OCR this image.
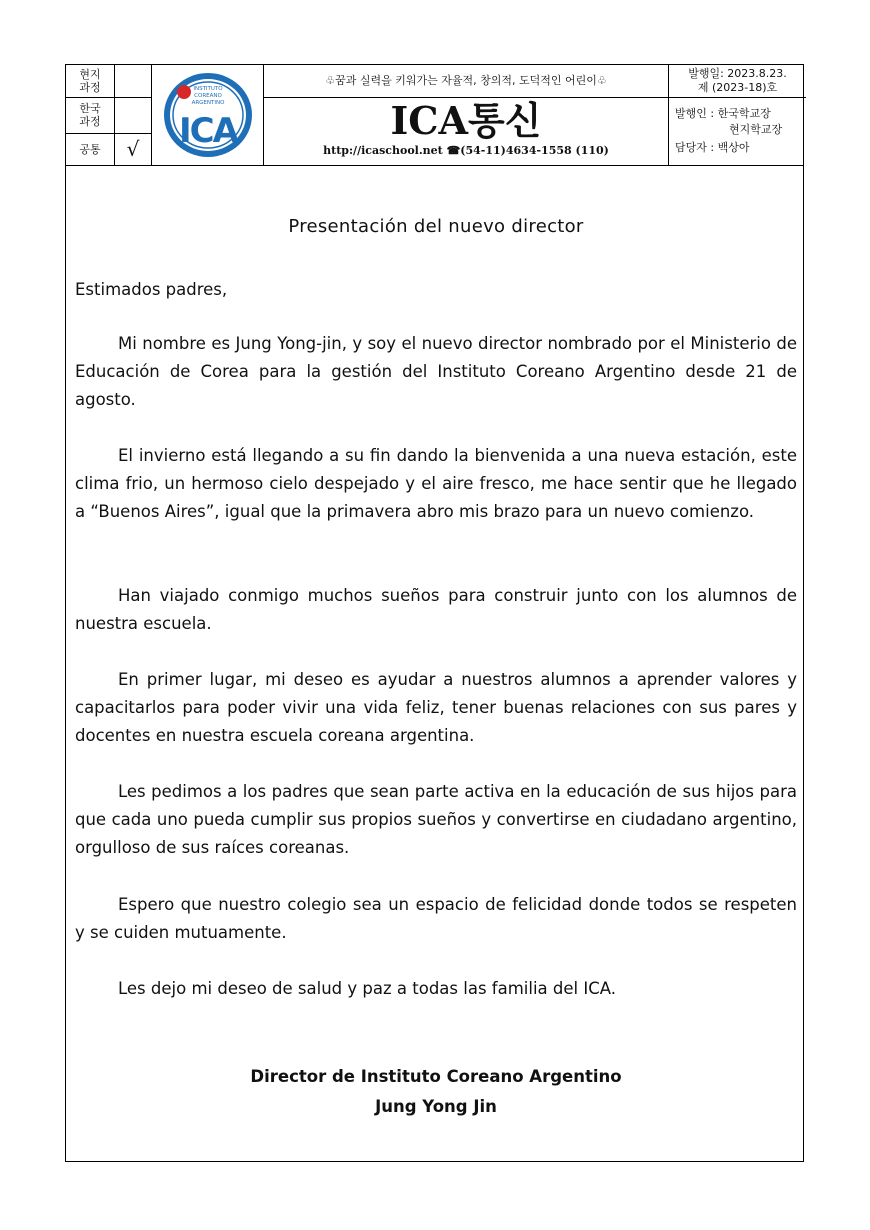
현지
과정
한국
과정
공통	√
INSTITUTO
COREANO
ARGENTINO
ICA
♧꿈과 실력을 키워가는 자율적, 창의적, 도덕적인 어린이♧
ICA통신
http://icaschool.net ☎(54-11)4634-1558 (110)
발행일: 2023.8.23.
제 (2023-18)호
발행인 : 한국학교장
현지학교장
담당자 : 백상아
Presentación del nuevo director
Estimados padres,
Mi nombre es Jung Yong-jin, y soy el nuevo director nombrado por el Ministerio de Educación de Corea para la gestión del Instituto Coreano Argentino desde 21 de agosto.
El invierno está llegando a su fin dando la bienvenida a una nueva estación, este clima frio, un hermoso cielo despejado y el aire fresco, me hace sentir que he llegado a “Buenos Aires”, igual que la primavera abro mis brazo para un nuevo comienzo.
Han viajado conmigo muchos sueños para construir junto con los alumnos de nuestra escuela.
En primer lugar, mi deseo es ayudar a nuestros alumnos a aprender valores y capacitarlos para poder vivir una vida feliz, tener buenas relaciones con sus pares y docentes en nuestra escuela coreana argentina.
Les pedimos a los padres que sean parte activa en la educación de sus hijos para que cada uno pueda cumplir sus propios sueños y convertirse en ciudadano argentino, orgulloso de sus raíces coreanas.
Espero que nuestro colegio sea un espacio de felicidad donde todos se respeten y se cuiden mutuamente.
Les dejo mi deseo de salud y paz a todas las familia del ICA.
Director de Instituto Coreano Argentino
Jung Yong Jin
